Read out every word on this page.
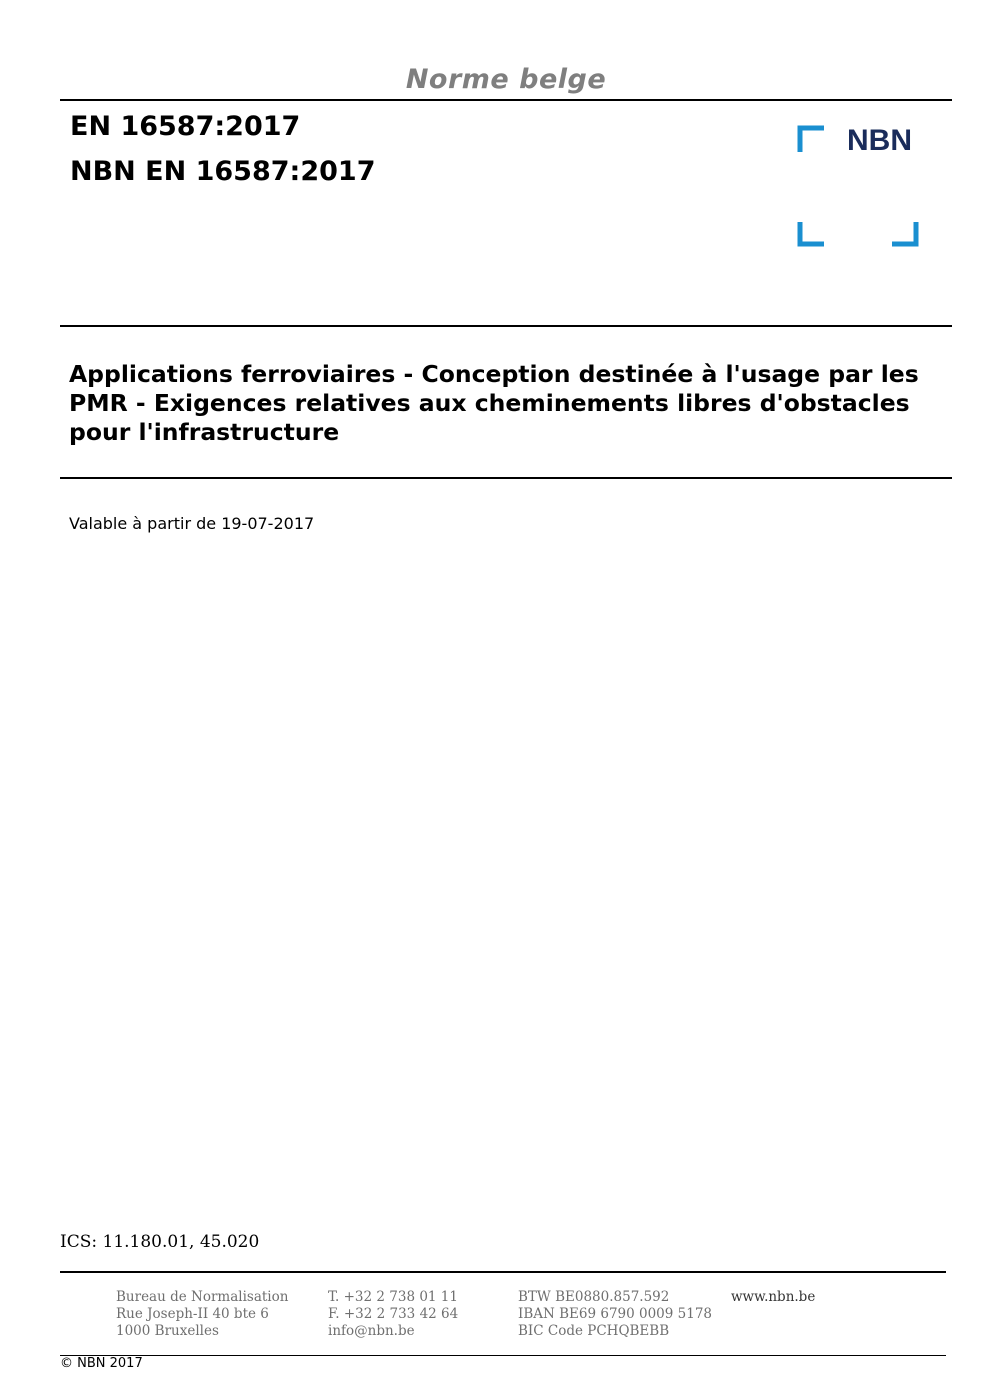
Norme belge
EN 16587:2017
NBN EN 16587:2017
NBN
Applications ferroviaires - Conception destinée à l'usage par les
PMR - Exigences relatives aux cheminements libres d'obstacles
pour l'infrastructure
Valable à partir de 19-07-2017
ICS: 11.180.01, 45.020
Bureau de Normalisation
Rue Joseph-II 40 bte 6
1000 Bruxelles
T. +32 2 738 01 11
F. +32 2 733 42 64
info@nbn.be
BTW BE0880.857.592
IBAN BE69 6790 0009 5178
BIC Code PCHQBEBB
www.nbn.be
© NBN 2017
